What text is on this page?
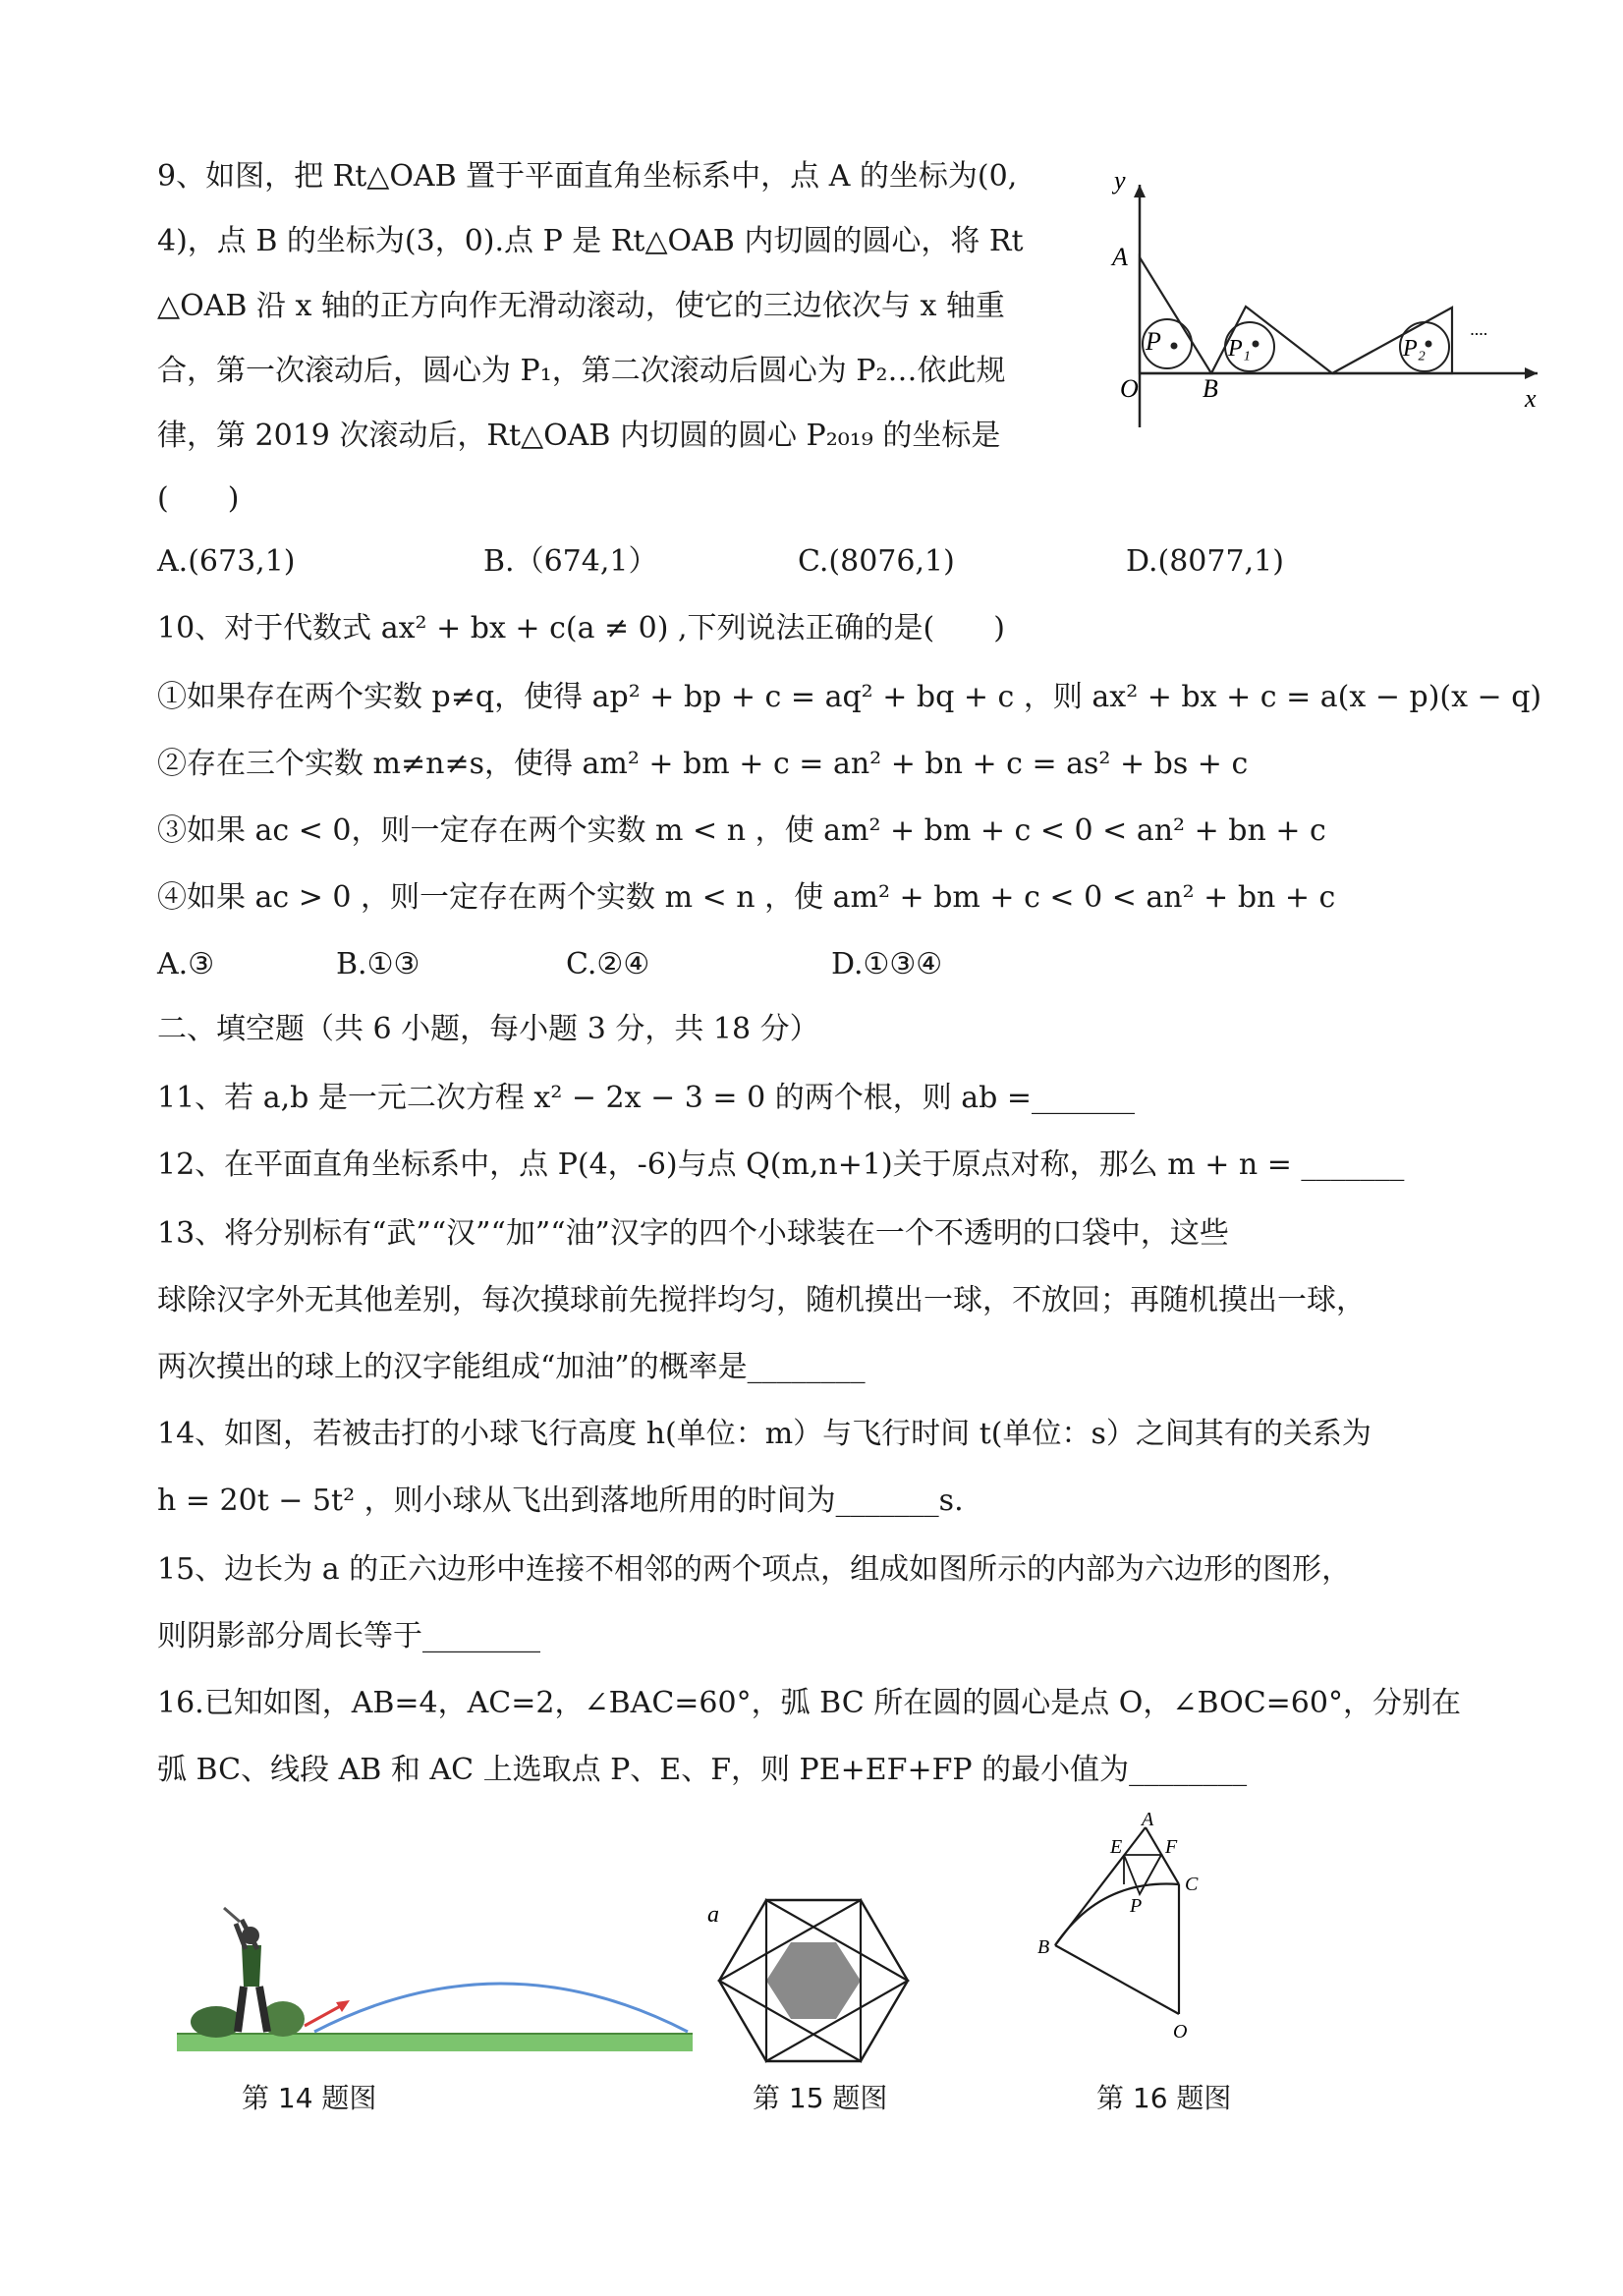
9、如图，把 Rt△OAB 置于平面直角坐标系中，点 A 的坐标为(0,
4)，点 B 的坐标为(3，0).点 P 是 Rt△OAB 内切圆的圆心，将 Rt
△OAB 沿 x 轴的正方向作无滑动滚动，使它的三边依次与 x 轴重
合，第一次滚动后，圆心为 P₁，第二次滚动后圆心为 P₂…依此规
律，第 2019 次滚动后，Rt△OAB 内切圆的圆心 P₂₀₁₉ 的坐标是
(　　)
y
x
A
O	B
P	P₁	P₂
····
A.(673,1)	B.（674,1）	C.(8076,1)	D.(8077,1)
10、对于代数式 ax² + bx + c(a ≠ 0) ,下列说法正确的是(　　)
①如果存在两个实数 p≠q，使得 ap² + bp + c = aq² + bq + c ，则 ax² + bx + c = a(x − p)(x − q)
②存在三个实数 m≠n≠s，使得 am² + bm + c = an² + bn + c = as² + bs + c
③如果 ac < 0，则一定存在两个实数 m < n ，使 am² + bm + c < 0 < an² + bn + c
④如果 ac > 0 ，则一定存在两个实数 m < n ，使 am² + bm + c < 0 < an² + bn + c
A.③	B.①③	C.②④	D.①③④
二、填空题（共 6 小题，每小题 3 分，共 18 分）
11、若 a,b 是一元二次方程 x² − 2x − 3 = 0 的两个根，则 ab =_______
12、在平面直角坐标系中，点 P(4，-6)与点 Q(m,n+1)关于原点对称，那么 m + n = _______
13、将分别标有“武”“汉”“加”“油”汉字的四个小球装在一个不透明的口袋中，这些
球除汉字外无其他差别，每次摸球前先搅拌均匀，随机摸出一球，不放回；再随机摸出一球，
两次摸出的球上的汉字能组成“加油”的概率是________
14、如图，若被击打的小球飞行高度 h(单位：m）与飞行时间 t(单位：s）之间其有的关系为
h = 20t − 5t² ，则小球从飞出到落地所用的时间为_______s.
15、边长为 a 的正六边形中连接不相邻的两个项点，组成如图所示的内部为六边形的图形，
则阴影部分周长等于________
16.已知如图，AB=4，AC=2，∠BAC=60°，弧 BC 所在圆的圆心是点 O，∠BOC=60°，分别在
弧 BC、线段 AB 和 AC 上选取点 P、E、F，则 PE+EF+FP 的最小值为________
a
A
E F
C
P
B
O
第 14 题图	第 15 题图	第 16 题图
